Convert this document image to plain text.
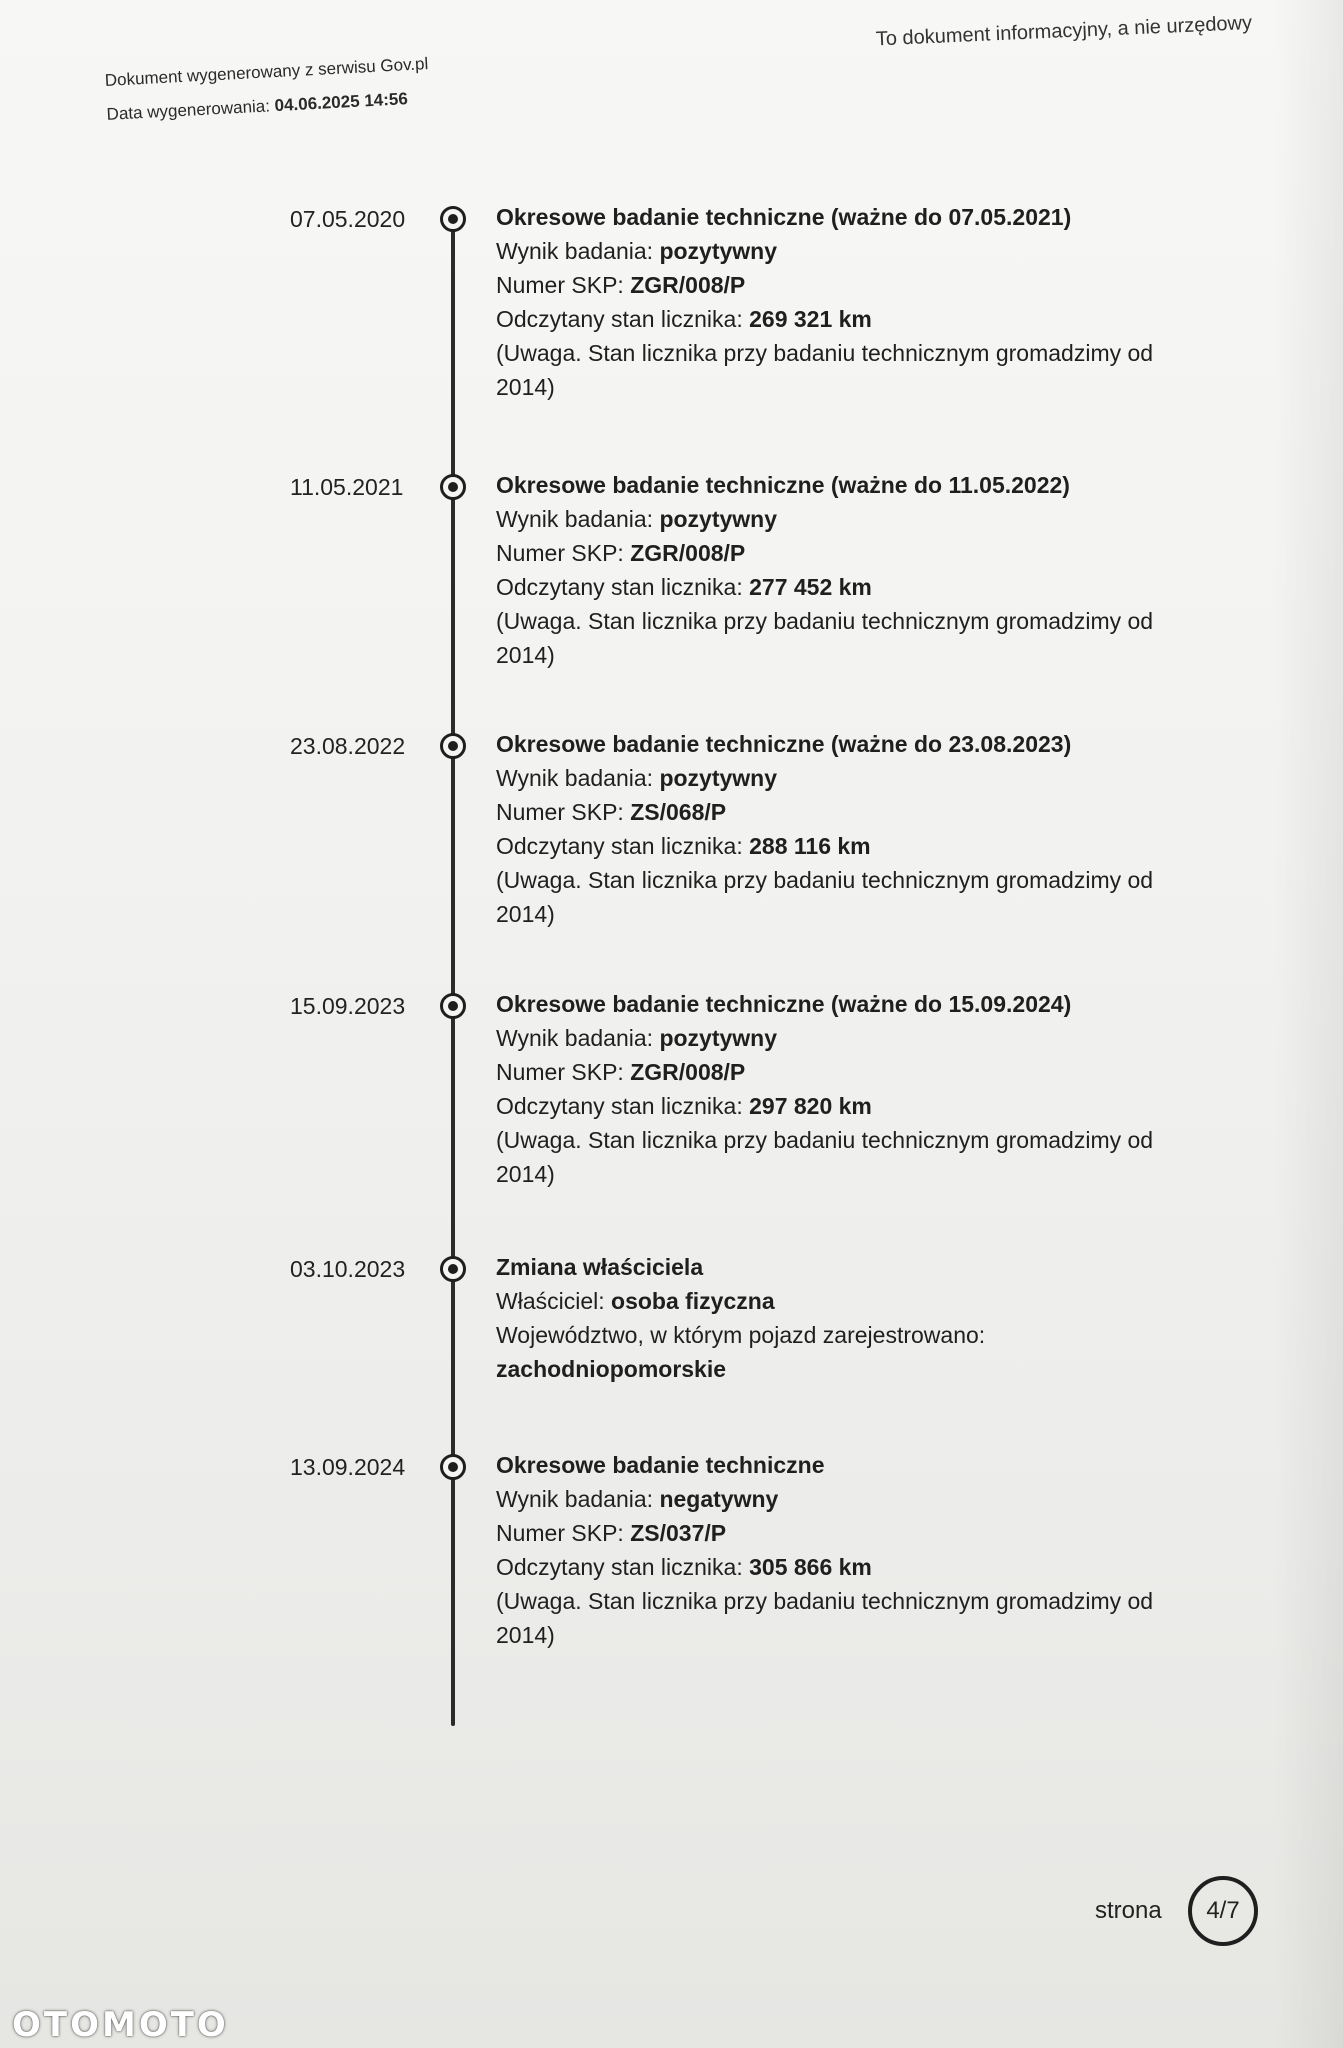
To dokument informacyjny, a nie urzędowy
Dokument wygenerowany z serwisu Gov.pl
Data wygenerowania: 04.06.2025 14:56
07.05.2020	Okresowe badanie techniczne (ważne do 07.05.2021)
Wynik badania: pozytywny
Numer SKP: ZGR/008/P
Odczytany stan licznika: 269 321 km
(Uwaga. Stan licznika przy badaniu technicznym gromadzimy od 2014)
11.05.2021	Okresowe badanie techniczne (ważne do 11.05.2022)
Wynik badania: pozytywny
Numer SKP: ZGR/008/P
Odczytany stan licznika: 277 452 km
(Uwaga. Stan licznika przy badaniu technicznym gromadzimy od 2014)
23.08.2022	Okresowe badanie techniczne (ważne do 23.08.2023)
Wynik badania: pozytywny
Numer SKP: ZS/068/P
Odczytany stan licznika: 288 116 km
(Uwaga. Stan licznika przy badaniu technicznym gromadzimy od 2014)
15.09.2023	Okresowe badanie techniczne (ważne do 15.09.2024)
Wynik badania: pozytywny
Numer SKP: ZGR/008/P
Odczytany stan licznika: 297 820 km
(Uwaga. Stan licznika przy badaniu technicznym gromadzimy od 2014)
03.10.2023	Zmiana właściciela
Właściciel: osoba fizyczna
Województwo, w którym pojazd zarejestrowano:
zachodniopomorskie
13.09.2024	Okresowe badanie techniczne
Wynik badania: negatywny
Numer SKP: ZS/037/P
Odczytany stan licznika: 305 866 km
(Uwaga. Stan licznika przy badaniu technicznym gromadzimy od 2014)
strona 4/7
OTOMOTO
